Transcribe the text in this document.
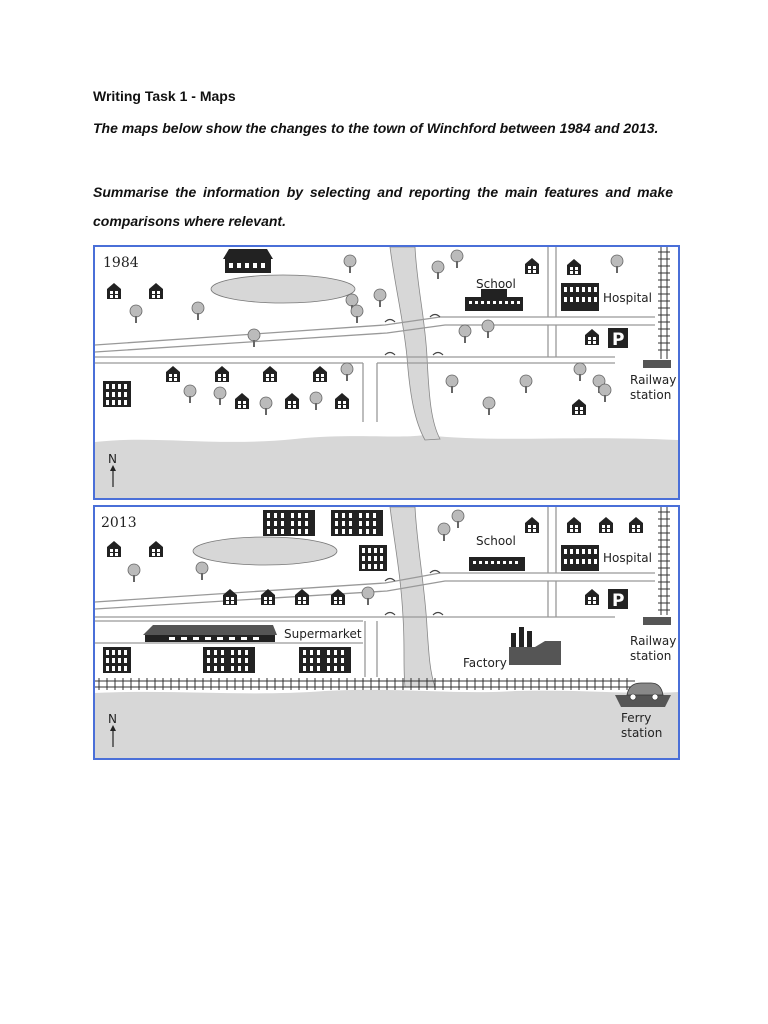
Writing Task 1 - Maps
The maps below show the changes to the town of Winchford between 1984 and 2013.
Summarise the information by selecting and reporting the main features and make comparisons where relevant.
P
1984
School
Hospital
Railway
station
N
P
2013
School
Hospital
Supermarket
Factory
Railway
station
Ferry
station
N
